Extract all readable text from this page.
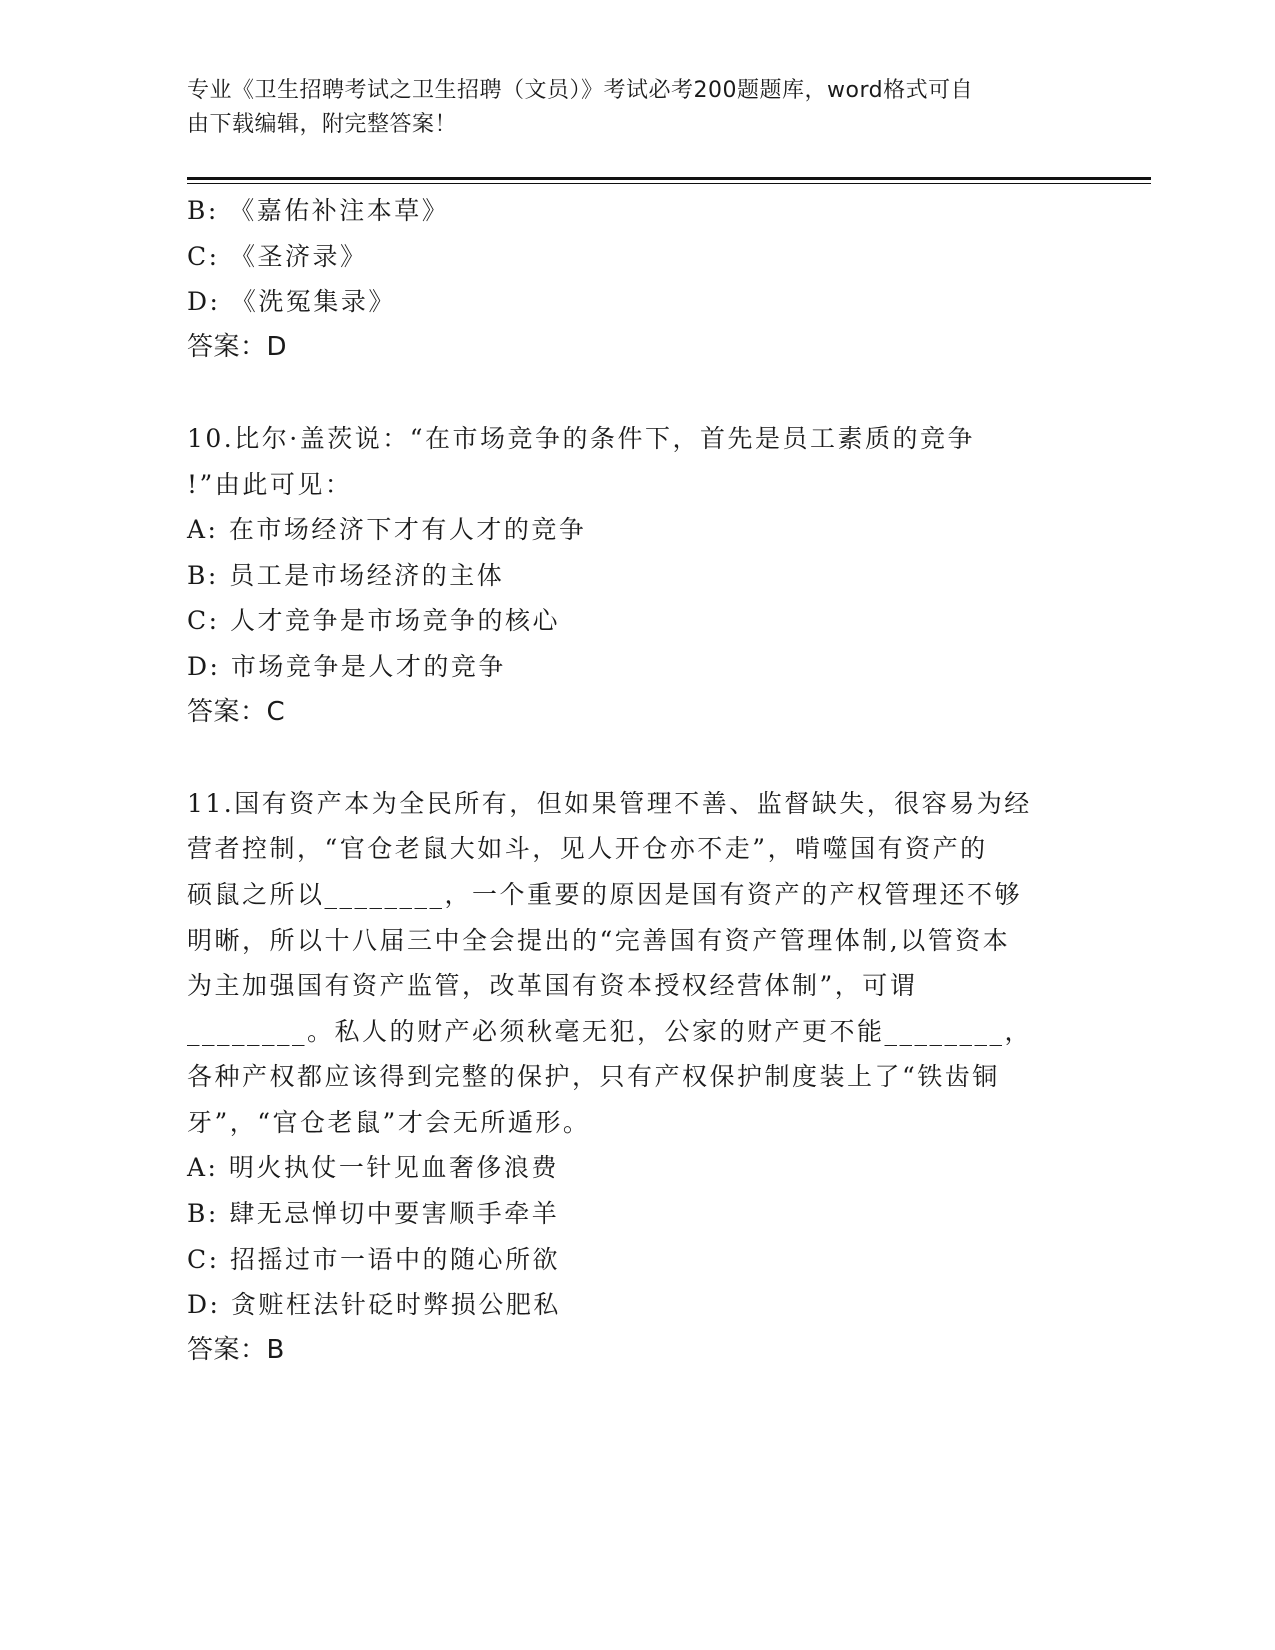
专业《卫生招聘考试之卫生招聘（文员）》考试必考200题题库，word格式可自
由下载编辑，附完整答案！
B: 《嘉佑补注本草》
C: 《圣济录》
D: 《洗冤集录》
答案：D
10.比尔·盖茨说：“在市场竞争的条件下，首先是员工素质的竞争
!”由此可见：
A: 在市场经济下才有人才的竞争
B: 员工是市场经济的主体
C: 人才竞争是市场竞争的核心
D: 市场竞争是人才的竞争
答案：C
11.国有资产本为全民所有，但如果管理不善、监督缺失，很容易为经
营者控制，“官仓老鼠大如斗，见人开仓亦不走”，啃噬国有资产的
硕鼠之所以________，一个重要的原因是国有资产的产权管理还不够
明晰，所以十八届三中全会提出的“完善国有资产管理体制,以管资本
为主加强国有资产监管，改革国有资本授权经营体制”，可谓
________。私人的财产必须秋毫无犯，公家的财产更不能________，
各种产权都应该得到完整的保护，只有产权保护制度装上了“铁齿铜
牙”，“官仓老鼠”才会无所遁形。
A: 明火执仗一针见血奢侈浪费
B: 肆无忌惮切中要害顺手牵羊
C: 招摇过市一语中的随心所欲
D: 贪赃枉法针砭时弊损公肥私
答案：B
